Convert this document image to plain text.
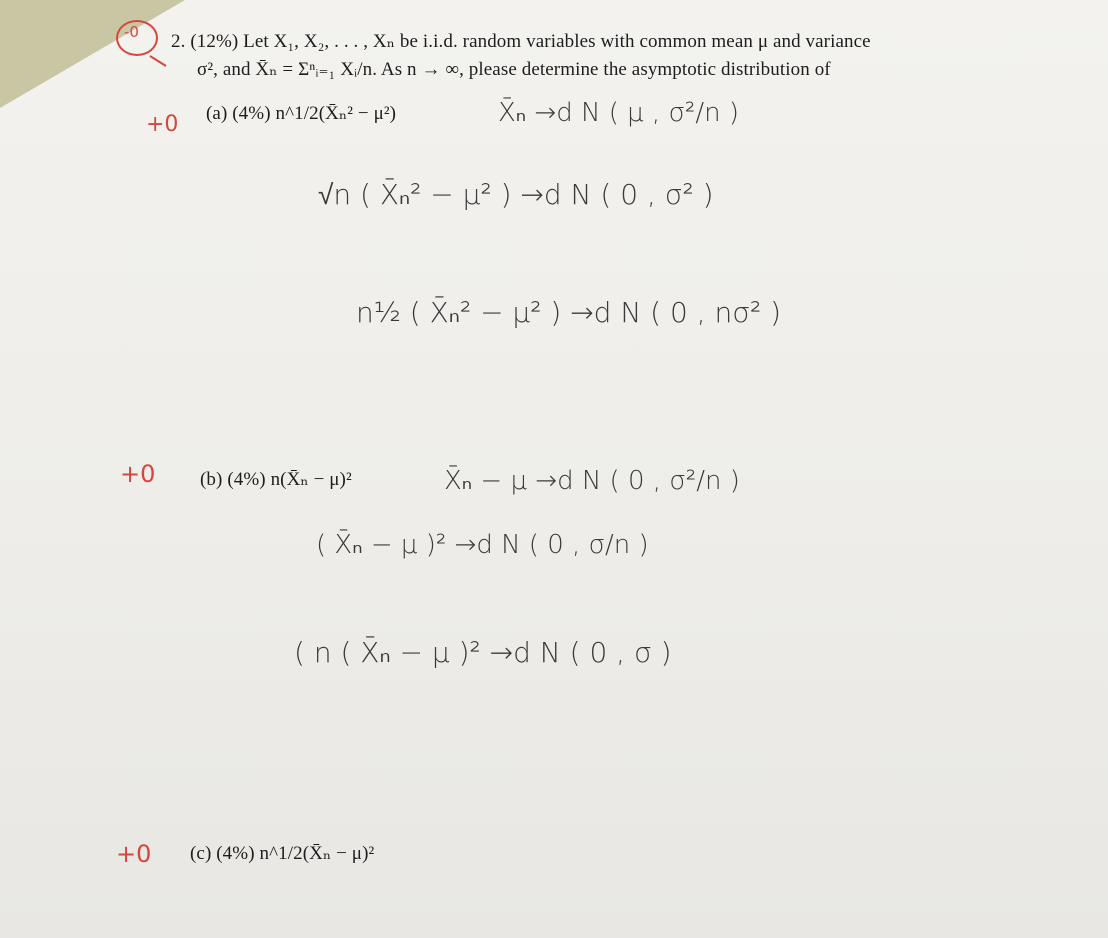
-0 2. (12%) Let X₁, X₂, . . . , Xₙ be i.i.d. random variables with common mean μ and variance
σ², and X̄ₙ = Σⁿᵢ₌₁ Xᵢ/n. As n → ∞, please determine the asymptotic distribution of
+0 (a) (4%) n^1/2(X̄ₙ² − μ²)	X̄ₙ →d N ( μ , σ²/n )
√n ( X̄ₙ² − μ² ) →d N ( 0 , σ² )
n½ ( X̄ₙ² − μ² ) →d N ( 0 , nσ² )
+0 (b) (4%) n(X̄ₙ − μ)²	X̄ₙ − μ →d N ( 0 , σ²/n )
( X̄ₙ − μ )² →d N ( 0 , σ/n )
( n ( X̄ₙ − μ )² →d N ( 0 , σ )
+0 (c) (4%) n^1/2(X̄ₙ − μ)²
